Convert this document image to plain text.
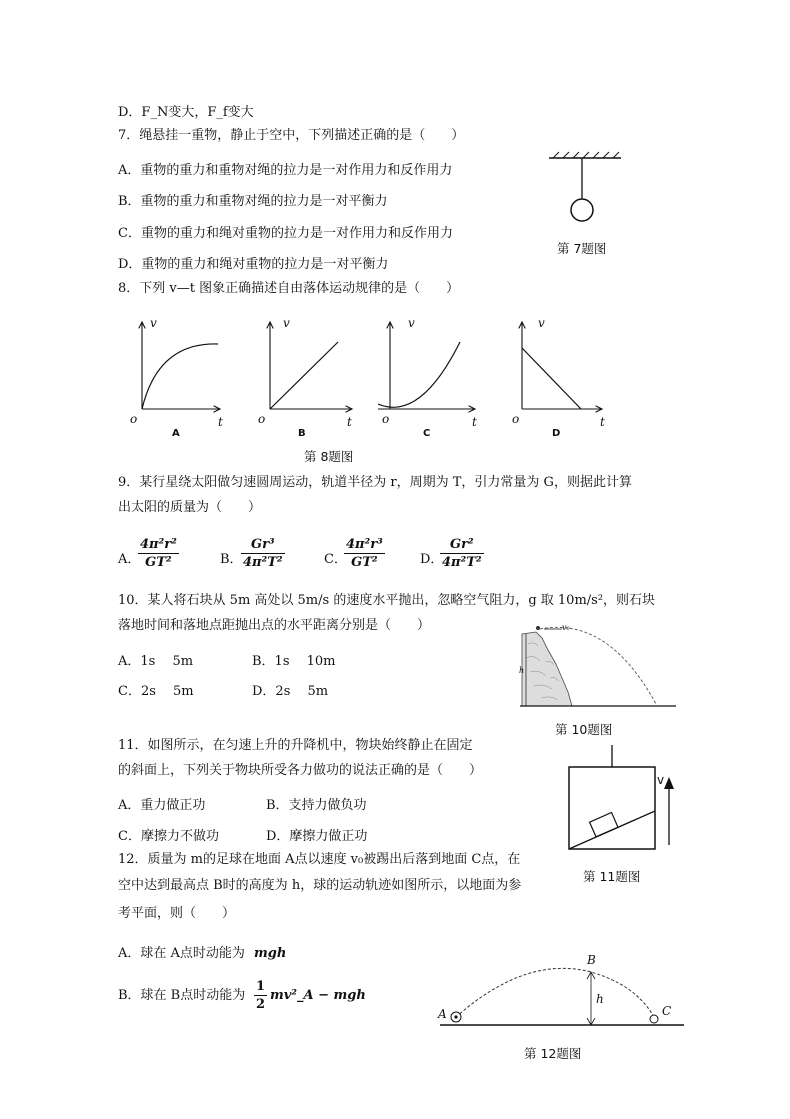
D．F_N变大，F_f变大
7．绳悬挂一重物，静止于空中，下列描述正确的是（　　）
A．重物的重力和重物对绳的拉力是一对作用力和反作用力
B．重物的重力和重物对绳的拉力是一对平衡力
C．重物的重力和绳对重物的拉力是一对作用力和反作用力
D．重物的重力和绳对重物的拉力是一对平衡力
第 7题图
8．下列 v—t 图象正确描述自由落体运动规律的是（　　）
v
t
o
A
v
t
o
B
v
t
o
C
v
t
o
D
第 8题图
9．某行星绕太阳做匀速圆周运动，轨道半径为 r，周期为 T，引力常量为 G，则据此计算
出太阳的质量为（　　）
A．
$\frac{\text{4π²r²}}{\text{GT²}}$	B．
$\frac{\text{Gr³}}{\text{4π²T²}}$	C．
$\frac{\text{4π²r³}}{\text{GT²}}$	D．
$\frac{\text{Gr²}}{\text{4π²T²}}$
10．某人将石块从 5m 高处以 5m/s 的速度水平抛出，忽略空气阻力，g 取 10m/s²，则石块
落地时间和落地点距抛出点的水平距离分别是（　　）
A．1s　 5m	B．1s　 10m
C．2s　 5m	D．2s　 5m
v₀
h
第 10题图
11．如图所示，在匀速上升的升降机中，物块始终静止在固定
的斜面上，下列关于物块所受各力做功的说法正确的是（　　）
A．重力做正功	B．支持力做负功
C．摩擦力不做功	D．摩擦力做正功
v
第 11题图
12．质量为 m的足球在地面 A点以速度 v₀被踢出后落到地面 C点，在
空中达到最高点 B时的高度为 h，球的运动轨迹如图所示，以地面为参
考平面，则（　　）
A．球在 A点时动能为 mgh
B．球在 B点时动能为 $\frac{1}{2}$ mv²_A − mgh
B
h
A	C
第 12题图
